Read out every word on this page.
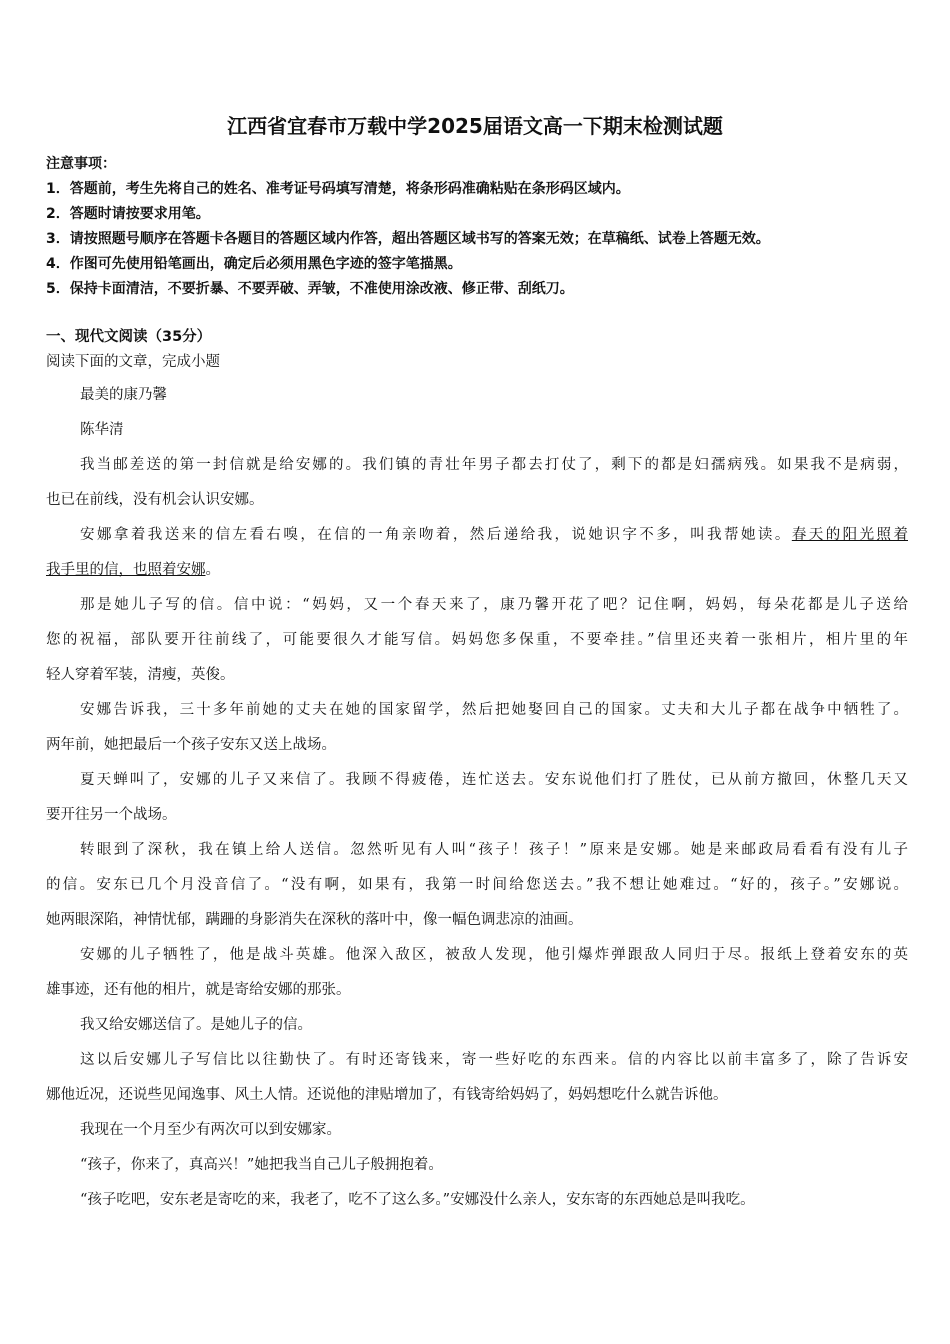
江西省宜春市万载中学2025届语文高一下期末检测试题
注意事项：
1．答题前，考生先将自己的姓名、准考证号码填写清楚，将条形码准确粘贴在条形码区域内。
2．答题时请按要求用笔。
3．请按照题号顺序在答题卡各题目的答题区域内作答，超出答题区域书写的答案无效；在草稿纸、试卷上答题无效。
4．作图可先使用铅笔画出，确定后必须用黑色字迹的签字笔描黑。
5．保持卡面清洁，不要折暴、不要弄破、弄皱，不准使用涂改液、修正带、刮纸刀。
一、现代文阅读（35分）
阅读下面的文章，完成小题
最美的康乃馨
陈华清
我当邮差送的第一封信就是给安娜的。我们镇的青壮年男子都去打仗了，剩下的都是妇孺病残。如果我不是病弱，
也已在前线，没有机会认识安娜。
安娜拿着我送来的信左看右嗅，在信的一角亲吻着，然后递给我，说她识字不多，叫我帮她读。春天的阳光照着
我手里的信，也照着安娜。
那是她儿子写的信。信中说：“妈妈，又一个春天来了，康乃馨开花了吧？记住啊，妈妈，每朵花都是儿子送给
您的祝福，部队要开往前线了，可能要很久才能写信。妈妈您多保重，不要牵挂。”信里还夹着一张相片，相片里的年
轻人穿着军装，清瘦，英俊。
安娜告诉我，三十多年前她的丈夫在她的国家留学，然后把她娶回自己的国家。丈夫和大儿子都在战争中牺牲了。
两年前，她把最后一个孩子安东又送上战场。
夏天蝉叫了，安娜的儿子又来信了。我顾不得疲倦，连忙送去。安东说他们打了胜仗，已从前方撤回，休整几天又
要开往另一个战场。
转眼到了深秋，我在镇上给人送信。忽然听见有人叫“孩子！孩子！”原来是安娜。她是来邮政局看看有没有儿子
的信。安东已几个月没音信了。“没有啊，如果有，我第一时间给您送去。”我不想让她难过。“好的，孩子。”安娜说。
她两眼深陷，神情忧郁，蹒跚的身影消失在深秋的落叶中，像一幅色调悲凉的油画。
安娜的儿子牺牲了，他是战斗英雄。他深入敌区，被敌人发现，他引爆炸弹跟敌人同归于尽。报纸上登着安东的英
雄事迹，还有他的相片，就是寄给安娜的那张。
我又给安娜送信了。是她儿子的信。
这以后安娜儿子写信比以往勤快了。有时还寄钱来，寄一些好吃的东西来。信的内容比以前丰富多了，除了告诉安
娜他近况，还说些见闻逸事、风土人情。还说他的津贴增加了，有钱寄给妈妈了，妈妈想吃什么就告诉他。
我现在一个月至少有两次可以到安娜家。
“孩子，你来了，真高兴！”她把我当自己儿子般拥抱着。
“孩子吃吧，安东老是寄吃的来，我老了，吃不了这么多。”安娜没什么亲人，安东寄的东西她总是叫我吃。
